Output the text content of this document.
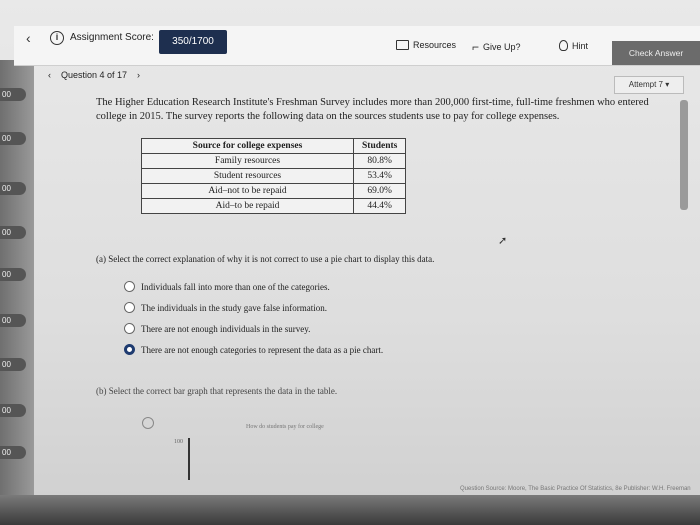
00
00
00
00
00
00
00
00
00
‹	i	Assignment Score:	350/1700	Resources ⌐ Give Up?	Hint
Check Answer
‹ Question 4 of 17 ›
Attempt 7 ▾

The Higher Education Research Institute's Freshman Survey includes more than 200,000 first-time, full-time freshmen who entered college in 2015. The survey reports the following data on the sources students use to pay for college expenses.

Source for college expenses	Students
Family resources	80.8%
Student resources	53.4%
Aid–not to be repaid	69.0%
Aid–to be repaid	44.4%
➚

(a) Select the correct explanation of why it is not correct to use a pie chart to display this data.

Individuals fall into more than one of the categories.
The individuals in the study gave false information.
There are not enough individuals in the survey.
There are not enough categories to represent the data as a pie chart.

(b) Select the correct bar graph that represents the data in the table.

How do students pay for college
100
Question Source: Moore, The Basic Practice Of Statistics, 8e Publisher: W.H. Freeman
